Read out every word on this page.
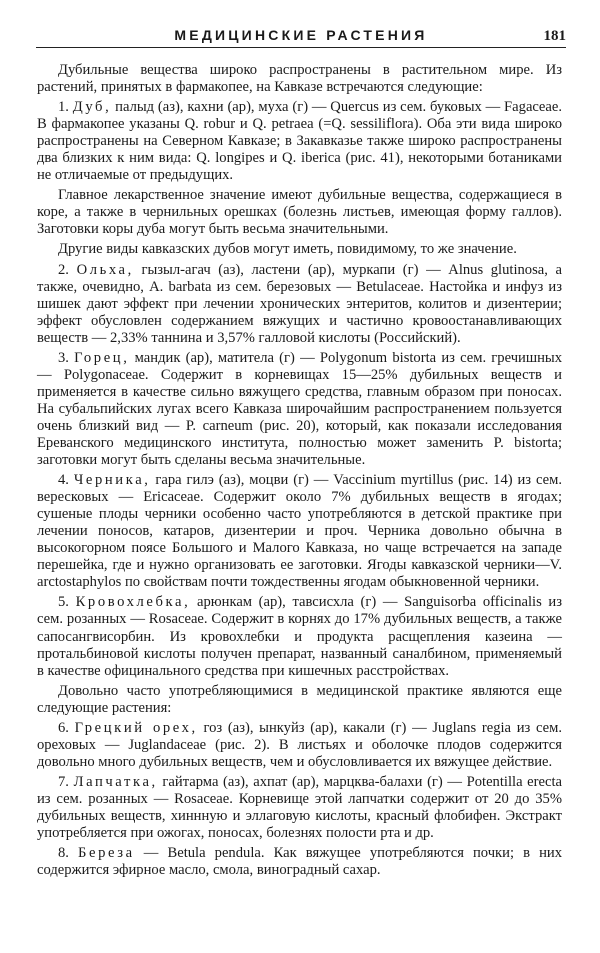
МЕДИЦИНСКИЕ РАСТЕНИЯ	181

Дубильные вещества широко распространены в растительном мире. Из растений, принятых в фармакопее, на Кавказе встречаются следующие:

1. Дуб, палыд (аз), кахни (ар), муха (г) — Quercus из сем. буковых — Fagaceae. В фармакопее указаны Q. robur и Q. petraea (=Q. sessiliflora). Оба эти вида широко распространены на Северном Кавказе; в Закавказье также широко распространены два близких к ним вида: Q. longipes и Q. iberica (рис. 41), некоторыми ботаниками не отличаемые от предыдущих.

Главное лекарственное значение имеют дубильные вещества, содержащиеся в коре, а также в чернильных орешках (болезнь листьев, имеющая форму галлов). Заготовки коры дуба могут быть весьма значительными.

Другие виды кавказских дубов могут иметь, повидимому, то же значение.

2. Ольха, гызыл-агач (аз), ластени (ар), муркапи (г) — Alnus glutinosa, а также, очевидно, A. barbata из сем. березовых — Betulaceae. Настойка и инфуз из шишек дают эффект при лечении хронических энтеритов, колитов и дизентерии; эффект обусловлен содержанием вяжущих и частично кровоостанавливающих веществ — 2,33% таннина и 3,57% галловой кислоты (Российский).

3. Горец, мандик (ар), матитела (г) — Polygonum bistorta из сем. гречишных — Polygonaceae. Содержит в корневищах 15—25% дубильных веществ и применяется в качестве сильно вяжущего средства, главным образом при поносах. На субальпийских лугах всего Кавказа широчайшим распространением пользуется очень близкий вид — P. carneum (рис. 20), который, как показали исследования Ереванского медицинского института, полностью может заменить P. bistorta; заготовки могут быть сделаны весьма значительные.

4. Черника, гара гилэ (аз), моцви (г) — Vaccinium myrtillus (рис. 14) из сем. вересковых — Ericaceae. Содержит около 7% дубильных веществ в ягодах; сушеные плоды черники особенно часто употребляются в детской практике при лечении поносов, катаров, дизентерии и проч. Черника довольно обычна в высокогорном поясе Большого и Малого Кавказа, но чаще встречается на западе перешейка, где и нужно организовать ее заготовки. Ягоды кавказской черники—V. arctostaphylos по свойствам почти тождественны ягодам обыкновенной черники.

5. Кровохлебка, арюнкам (ар), тавсисхла (г) — Sanguisorba officinalis из сем. розанных — Rosaceae. Содержит в корнях до 17% дубильных веществ, а также сапосангвисорбин. Из кровохлебки и продукта расщепления казеина — протальбиновой кислоты получен препарат, названный саналбином, применяемый в качестве официнального средства при кишечных расстройствах.

Довольно часто употребляющимися в медицинской практике являются еще следующие растения:

6. Грецкий орех, гоз (аз), ынкуйз (ар), какали (г) — Juglans regia из сем. ореховых — Juglandaceae (рис. 2). В листьях и оболочке плодов содержится довольно много дубильных веществ, чем и обусловливается их вяжущее действие.

7. Лапчатка, гайтарма (аз), ахпат (ар), марцква-балахи (г) — Potentilla erecta из сем. розанных — Rosaceae. Корневище этой лапчатки содержит от 20 до 35% дубильных веществ, хиннную и эллаговую кислоты, красный флобифен. Экстракт употребляется при ожогах, поносах, болезнях полости рта и др.

8. Береза — Betula pendula. Как вяжущее употребляются почки; в них содержится эфирное масло, смола, виноградный сахар.
